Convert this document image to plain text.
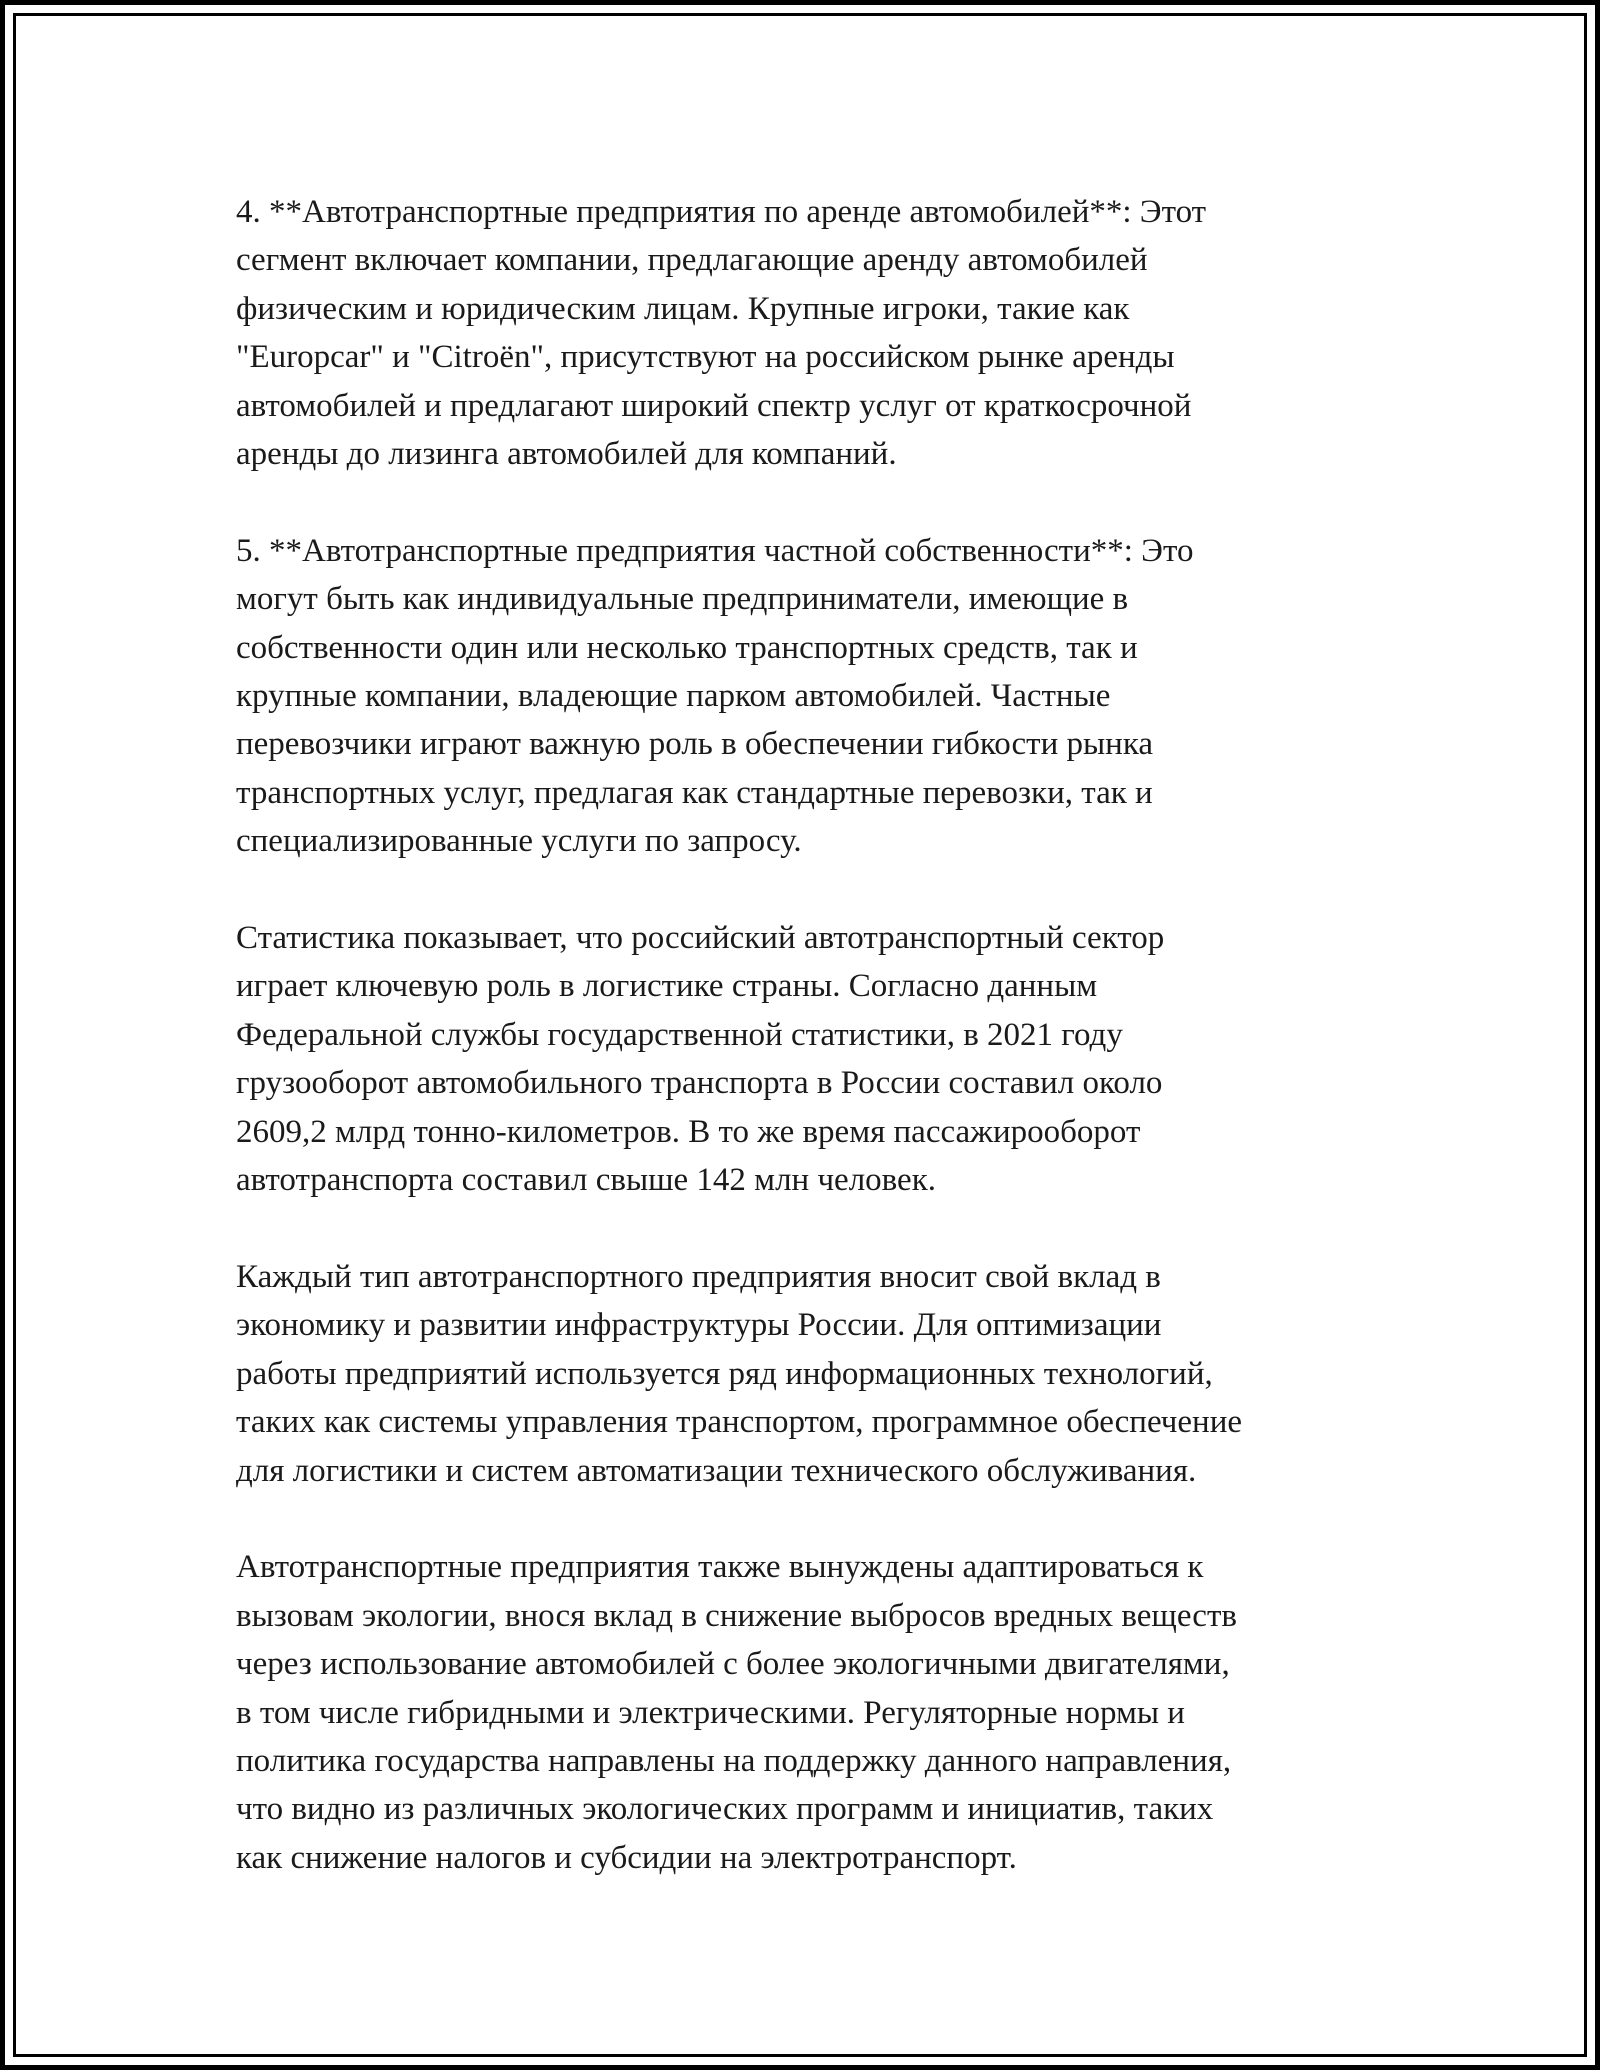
4. **Автотранспортные предприятия по аренде автомобилей**: Этот
сегмент включает компании, предлагающие аренду автомобилей
физическим и юридическим лицам. Крупные игроки, такие как
"Europcar" и "Citroën", присутствуют на российском рынке аренды
автомобилей и предлагают широкий спектр услуг от краткосрочной
аренды до лизинга автомобилей для компаний.

5. **Автотранспортные предприятия частной собственности**: Это
могут быть как индивидуальные предприниматели, имеющие в
собственности один или несколько транспортных средств, так и
крупные компании, владеющие парком автомобилей. Частные
перевозчики играют важную роль в обеспечении гибкости рынка
транспортных услуг, предлагая как стандартные перевозки, так и
специализированные услуги по запросу.

Статистика показывает, что российский автотранспортный сектор
играет ключевую роль в логистике страны. Согласно данным
Федеральной службы государственной статистики, в 2021 году
грузооборот автомобильного транспорта в России составил около
2609,2 млрд тонно-километров. В то же время пассажирооборот
автотранспорта составил свыше 142 млн человек.

Каждый тип автотранспортного предприятия вносит свой вклад в
экономику и развитии инфраструктуры России. Для оптимизации
работы предприятий используется ряд информационных технологий,
таких как системы управления транспортом, программное обеспечение
для логистики и систем автоматизации технического обслуживания.

Автотранспортные предприятия также вынуждены адаптироваться к
вызовам экологии, внося вклад в снижение выбросов вредных веществ
через использование автомобилей с более экологичными двигателями,
в том числе гибридными и электрическими. Регуляторные нормы и
политика государства направлены на поддержку данного направления,
что видно из различных экологических программ и инициатив, таких
как снижение налогов и субсидии на электротранспорт.
